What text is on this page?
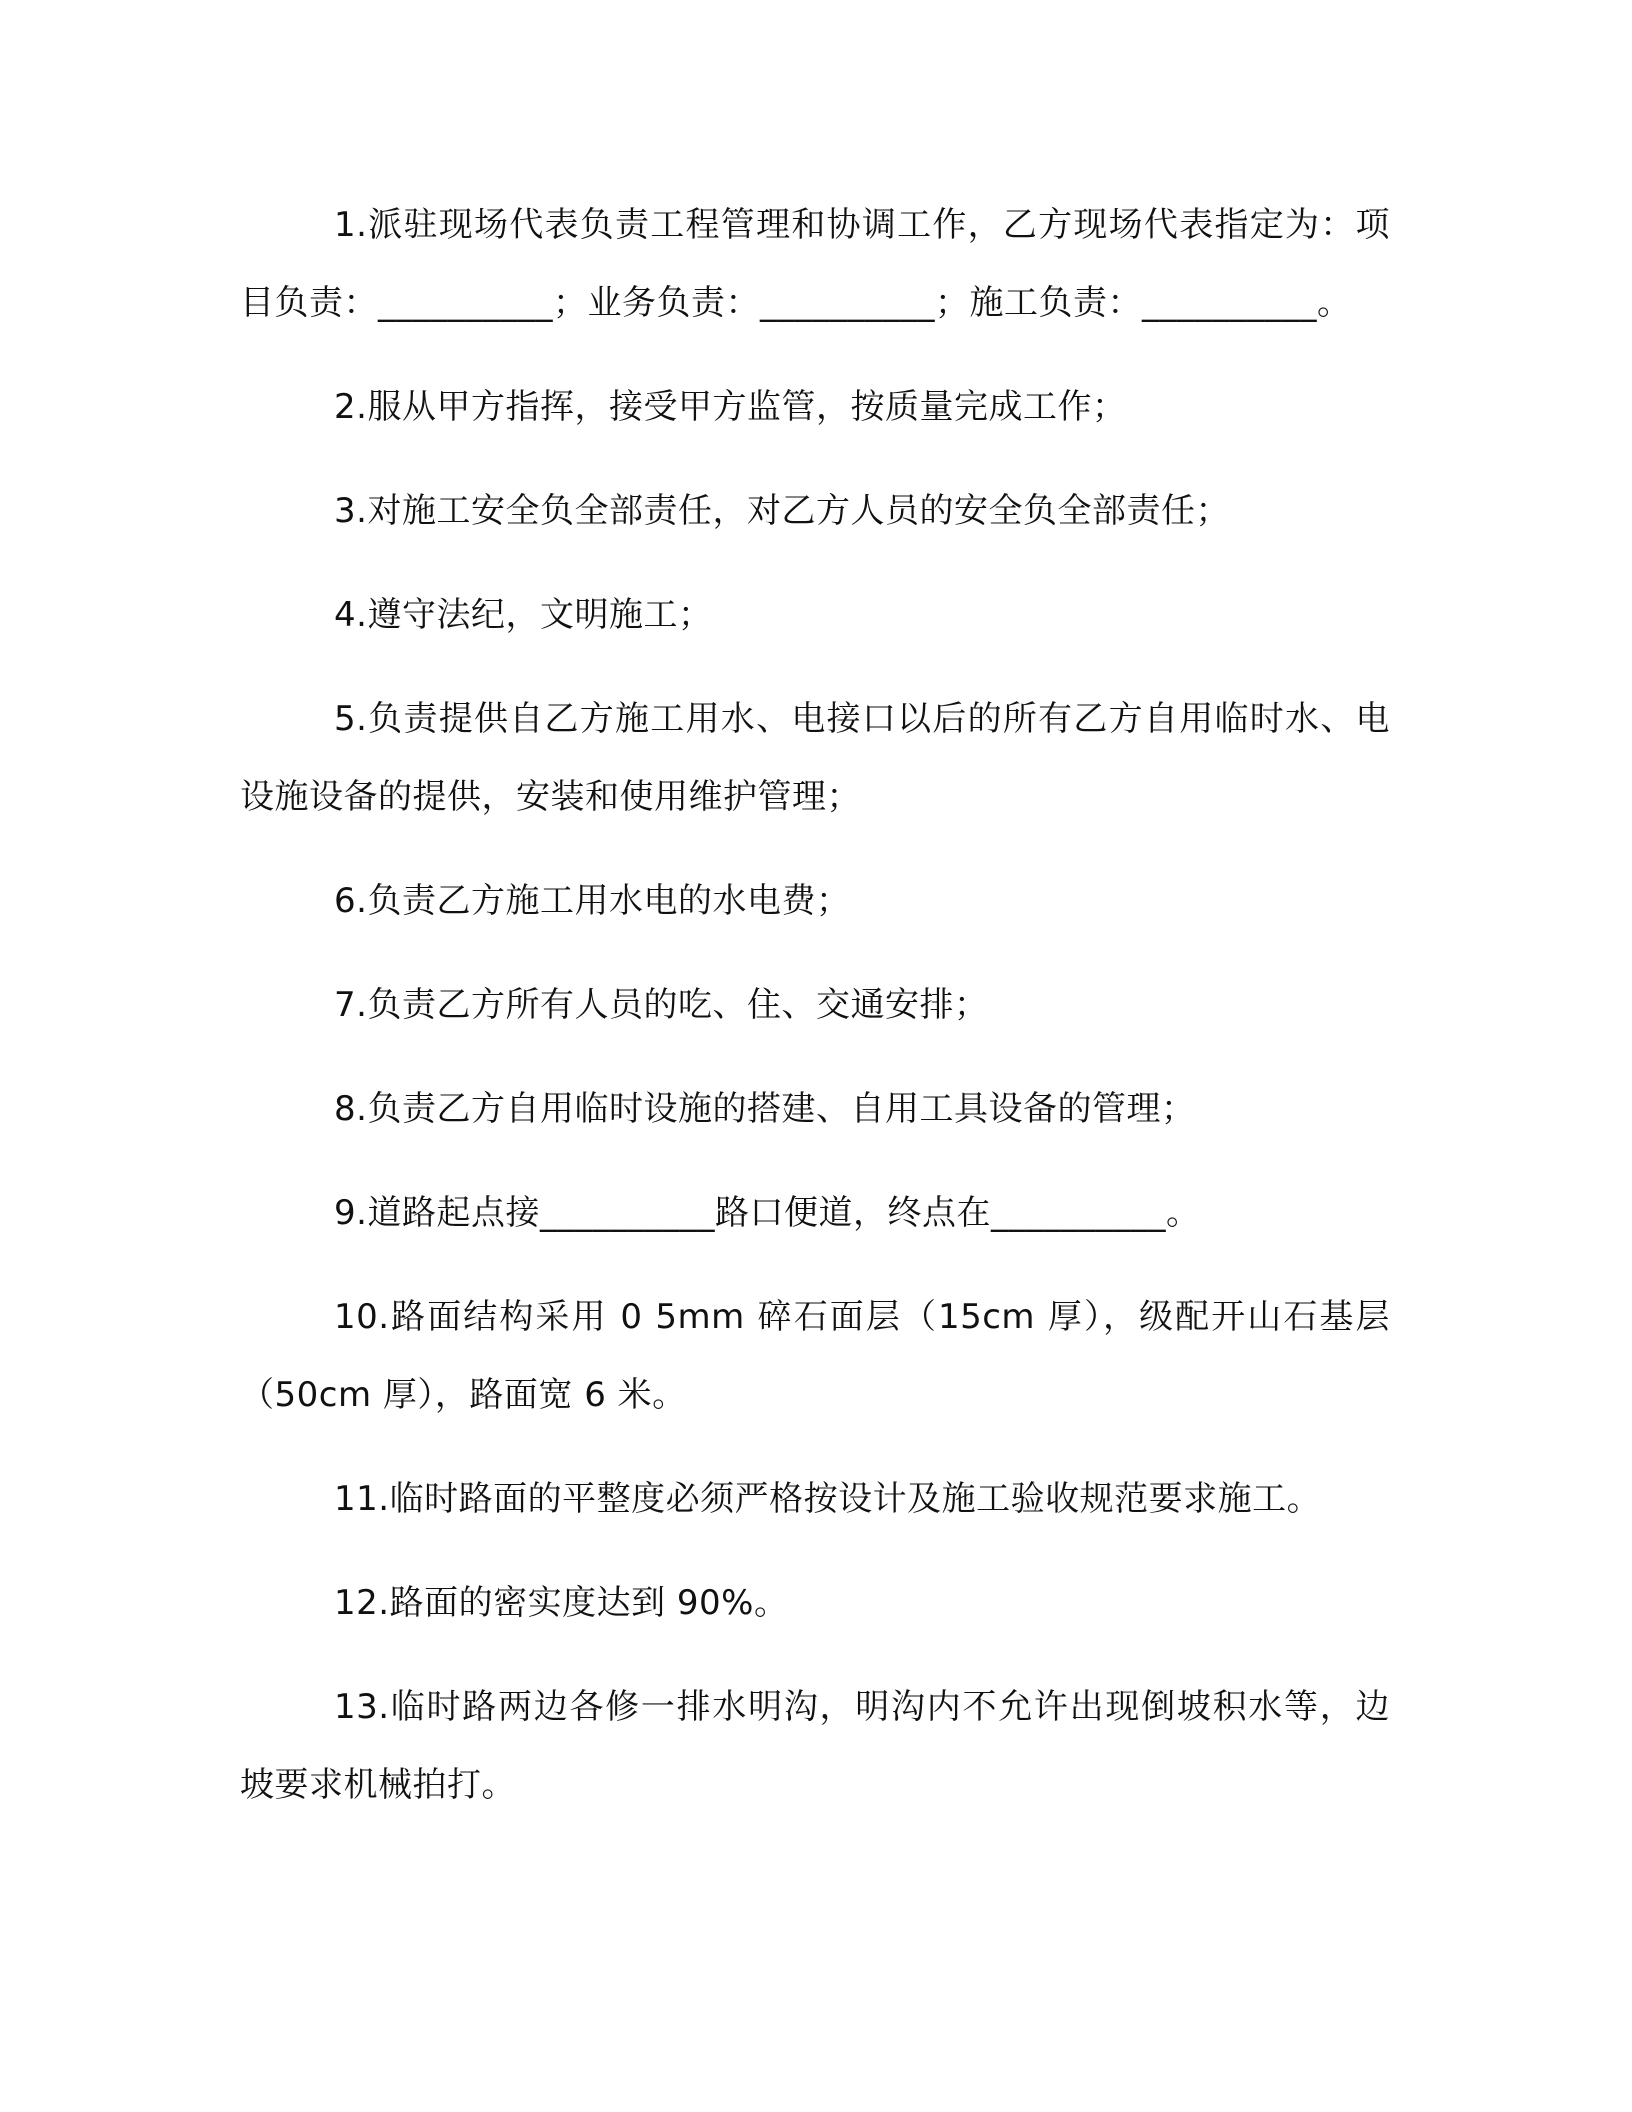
1.派驻现场代表负责工程管理和协调工作，乙方现场代表指定为：项目负责：__________；业务负责：__________；施工负责：__________。

2.服从甲方指挥，接受甲方监管，按质量完成工作；

3.对施工安全负全部责任，对乙方人员的安全负全部责任；

4.遵守法纪，文明施工；

5.负责提供自乙方施工用水、电接口以后的所有乙方自用临时水、电设施设备的提供，安装和使用维护管理；

6.负责乙方施工用水电的水电费；

7.负责乙方所有人员的吃、住、交通安排；

8.负责乙方自用临时设施的搭建、自用工具设备的管理；

9.道路起点接__________路口便道，终点在__________。

10.路面结构采用 0 5mm 碎石面层（15cm 厚），级配开山石基层（50cm 厚），路面宽 6 米。

11.临时路面的平整度必须严格按设计及施工验收规范要求施工。

12.路面的密实度达到 90%。

13.临时路两边各修一排水明沟，明沟内不允许出现倒坡积水等，边坡要求机械拍打。
